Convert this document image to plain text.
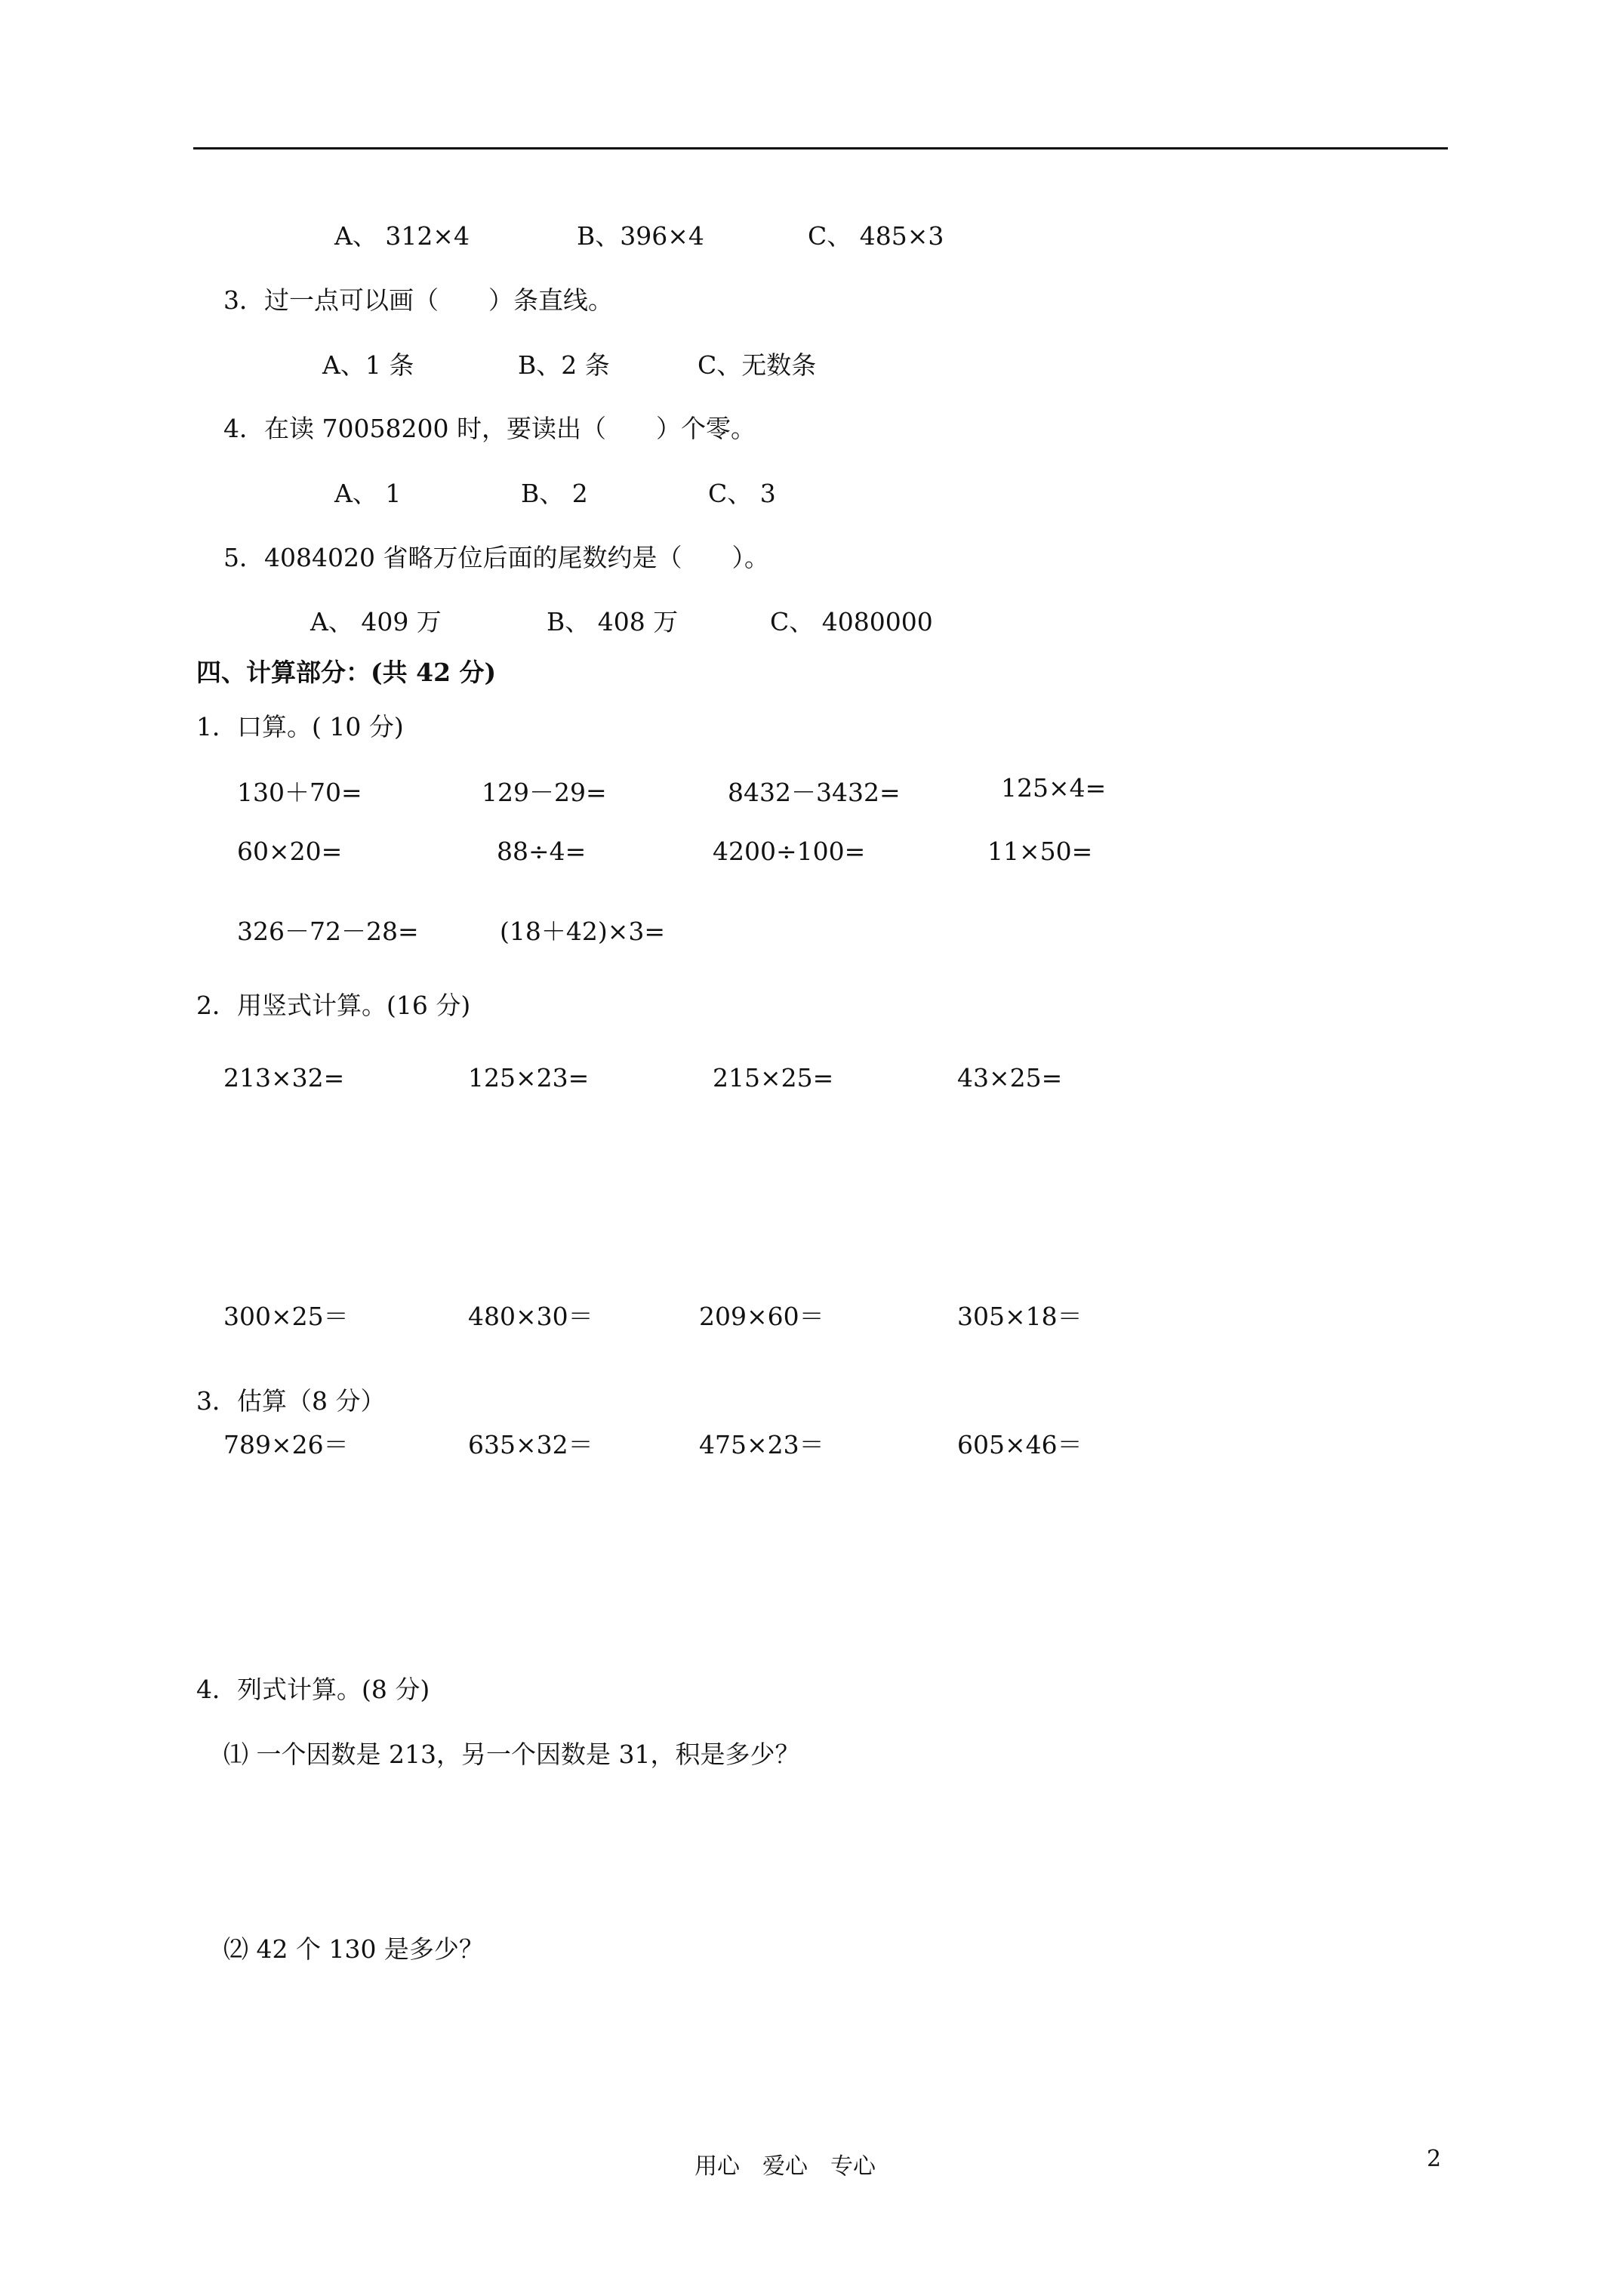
A、 312×4	B、396×4	C、 485×3
3．过一点可以画（　　）条直线。
A、1 条	B、2 条	C、无数条
4．在读 70058200 时，要读出（　　）个零。
A、 1	B、 2	C、 3
5．4084020 省略万位后面的尾数约是（　　）。
A、 409 万	B、 408 万	C、 4080000
四、计算部分：(共 42 分)
1．口算。( 10 分)
130＋70=	129－29=	8432－3432=	125×4=
60×20=	88÷4=	4200÷100=	11×50=
326－72－28=	(18＋42)×3=
2．用竖式计算。(16 分)
213×32=	125×23=	215×25=	43×25=
300×25＝	480×30＝	209×60＝	305×18＝
3．估算（8 分）
789×26＝	635×32＝	475×23＝	605×46＝
4．列式计算。(8 分)
⑴ 一个因数是 213，另一个因数是 31，积是多少？
⑵ 42 个 130 是多少？
用心　爱心　专心	2
